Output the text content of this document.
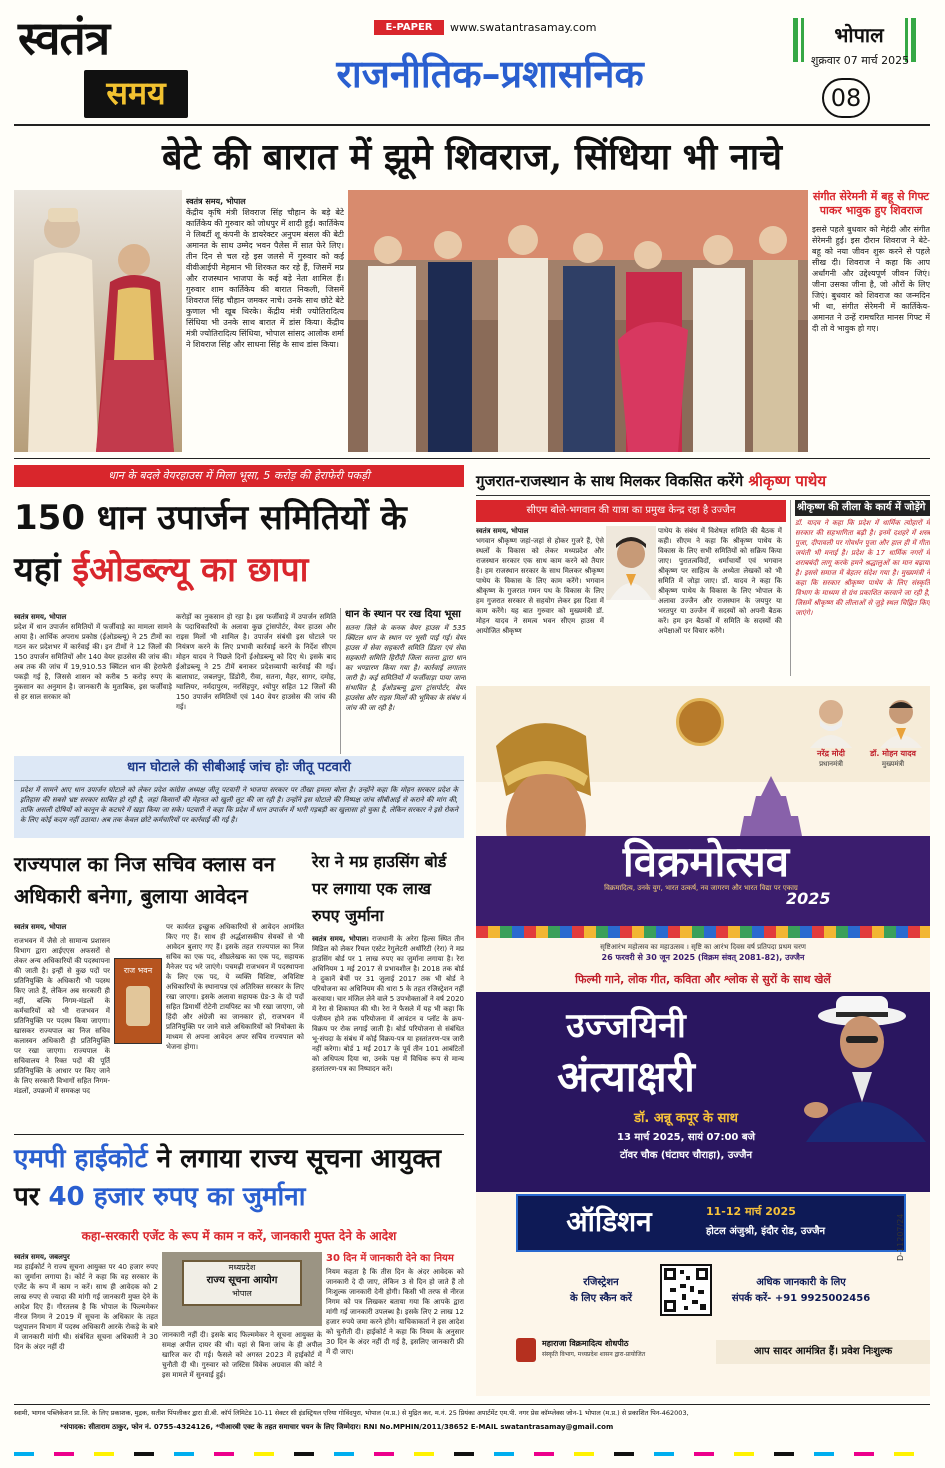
स्वतंत्र
समय
E-PAPER	www.swatantrasamay.com
राजनीतिक–प्रशासनिक
भोपाल
शुक्रवार 07 मार्च 2025
08
बेटे की बारात में झूमे शिवराज, सिंधिया भी नाचे
स्वतंत्र समय, भोपाल
केंद्रीय कृषि मंत्री शिवराज सिंह चौहान के बड़े बेटे कार्तिकेय की गुरुवार को जोधपुर में शादी हुई। कार्तिकेय ने लिबर्टी शू कंपनी के डायरेक्टर अनुपम बंसल की बेटी अमानत के साथ उम्मेद भवन पैलेस में सात फेरे लिए। तीन दिन से चल रहे इस जलसे में गुरुवार को कई वीवीआईपी मेहमान भी शिरकत कर रहे हैं, जिसमें मप्र और राजस्थान भाजपा के कई बड़े नेता शामिल हैं। गुरुवार शाम कार्तिकेय की बारात निकली, जिसमें शिवराज सिंह चौहान जमकर नाचे। उनके साथ छोटे बेटे कुणाल भी खूब थिरके। केंद्रीय मंत्री ज्योतिरादित्य सिंधिया भी उनके साथ बारात में डांस किया। केंद्रीय मंत्री ज्योतिरादित्य सिंधिया, भोपाल सांसद आलोक शर्मा ने शिवराज सिंह और साधना सिंह के साथ डांस किया।
संगीत सेरेमनी में बहू से गिफ्ट पाकर भावुक हुए शिवराज
इससे पहले बुधवार को मेहंदी और संगीत सेरेमनी हुई। इस दौरान शिवराज ने बेटे-बहू को नया जीवन शुरू करने से पहले सीख दी। शिवराज ने कहा कि आप अर्धांगनी और उद्देश्यपूर्ण जीवन जिएं। जीना उसका जीना है, जो औरों के लिए जिएं। बुधवार को शिवराज का जन्मदिन भी था, संगीत सेरेमनी में कार्तिकेय-अमानत ने उन्हें रामचरित मानस गिफ्ट में दी तो वे भावुक हो गए।
धान के बदले वेयरहाउस में मिला भूसा, 5 करोड़ की हेराफेरी पकड़ी
150 धान उपार्जन समितियों के यहां ईओडब्ल्यू का छापा
स्वतंत्र समय, भोपाल
प्रदेश में धान उपार्जन समितियों में फर्जीवाड़े का मामला सामने आया है। आर्थिक अपराध प्रकोष्ठ (ईओडब्ल्यू) ने 25 टीमों का गठन कर प्रदेशभर में कार्रवाई की। इन टीमों ने 12 जिलों की 150 उपार्जन समितियों और 140 वेयर हाउसेस की जांच की। अब तक की जांच में 19,910.53 क्विंटल धान की हेराफेरी पकड़ी गई है, जिससे शासन को करीब 5 करोड़ रुपए के नुकसान का अनुमान है। जानकारी के मुताबिक, इस फर्जीवाड़े से हर साल सरकार को
करोड़ों का नुकसान हो रहा है। इस फर्जीवाड़े में उपार्जन समिति के पदाधिकारियों के अलावा कुछ ट्रांसपोर्टर, वेयर हाउस और राइस मिलों भी शामिल है। उपार्जन संबंधी इस घोटाले पर नियंत्रण करने के लिए प्रभावी कार्रवाई करने के निर्देश सीएम मोहन यादव ने पिछले दिनों ईओडब्ल्यू को दिए थे। इसके बाद ईओडब्ल्यू ने 25 टीमें बनाकर प्रदेशव्यापी कार्रवाई की गई। बालाघाट, जबलपुर, डिंडोरी, रीवा, सतना, मैहर, सागर, दमोह, ग्वालियर, नर्मदापुरम, नरसिंहपुर, श्योपुर सहित 12 जिलों की 150 उपार्जन समितियों एवं 140 वेयर हाउसेस की जांच की गई।
धान के स्थान पर रख दिया भूसा
सतना जिले के कनक वेयर हाउस में 535 क्विंटल धान के स्थान पर भूसी पाई गई। वेयर हाउस में सेवा सहकारी समिति डिंडरा एवं सेवा सहकारी समिति हिरौंदी जिला सतना द्वारा धान का भण्डारण किया गया है। कार्रवाई लगातार जारी है। कई समितियों में फर्जीवाड़ा पाया जाना संभावित है, ईओडब्ल्यू द्वारा ट्रांसपोर्टर, वेयर हाउसेस और राइस मिलों की भूमिका के संबंध में जांच की जा रही है।
धान घोटाले की सीबीआई जांच होः जीतू पटवारी
प्रदेश में सामने आए धान उपार्जन घोटाले को लेकर प्रदेश कांग्रेस अध्यक्ष जीतू पटवारी ने भाजपा सरकार पर तीखा हमला बोला है। उन्होंने कहा कि मोहन सरकार प्रदेश के इतिहास की सबसे भ्रष्ट सरकार साबित हो रही है, जहां किसानों की मेहनत को खुली लूट की जा रही है। उन्होंने इस घोटाले की निष्पक्ष जांच सीबीआई से कराने की मांग की, ताकि असली दोषियों को कानून के कटघरे में खड़ा किया जा सके। पटवारी ने कहा कि प्रदेश में धान उपार्जन में भारी गड़बड़ी का खुलासा हो चुका है, लेकिन सरकार ने इसे रोकने के लिए कोई कदम नहीं उठाया। अब तक केवल छोटे कर्मचारियों पर कार्रवाई की गई है।
राज्यपाल का निज सचिव क्लास वन अधिकारी बनेगा, बुलाया आवेदन
स्वतंत्र समय, भोपाल
राज भवन
राजभवन में जैसे तो सामान्य प्रशासन विभाग द्वारा आईएएस अफसरों से लेकर अन्य अधिकारियों की पदस्थापना की जाती है। इन्हीं से कुछ पदों पर प्रतिनियुक्ति के अधिकारी भी पदस्थ किए जाते हैं, लेकिन अब सरकारी ही नहीं, बल्कि निगम-मंडलों के कर्मचारियों को भी राजभवन में प्रतिनियुक्ति पर पदस्थ किया जाएगा। खासकर राज्यपाल का निज सचिव कलास्वन अधिकारी ही प्रतिनियुक्ति पर रखा जाएगा। राज्यपाल के सचिवालय ने रिक्त पदों की पूर्ति प्रतिनियुक्ति के आधार पर किए जाने के लिए सरकारी विभागों सहित निगम-मंडलों, उपक्रमों में समकक्ष पद
पर कार्यरत इच्छुक अधिकारियों से आवेदन आमंत्रित किए गए हैं। साथ ही अर्द्धशासकीय सेवकों से भी आवेदन बुलाए गए हैं। इसके तहत राज्यपाल का निज सचिव का एक पद, शीघ्रलेखक का एक पद, सहायक मैनेजर पद भरे जाएंगे। पचमढ़ी राजभवन में पदस्थापना के लिए एक पद, ये व्यक्ति विशिष्ट, अविशिष्ट अधिकारियों के स्थानापन्न एवं अतिरिक्त सरकार के लिए रखा जाएगा। इसके अलावा सहायक ग्रेड-3 के दो पदों सहित डिमार्थी रोटेनी टायपिस्ट का भी रखा जाएगा, जो हिंदी और अंग्रेजी का जानकार हो, राजभवन में प्रतिनियुक्ति पर जाने वाले अधिकारियों को नियोक्ता के माध्यम से अपना आवेदन अपर सचिव राज्यपाल को भेजना होगा।
रेरा ने मप्र हाउसिंग बोर्ड पर लगाया एक लाख रुपए जुर्माना
स्वतंत्र समय, भोपाल। राजधानी के अरेरा हिल्स स्थित तीन मिडिल को लेकर रियल एस्टेट रेगुलेटरी अथॉरिटी (रेरा) ने मप्र हाउसिंग बोर्ड पर 1 लाख रुपए का जुर्माना लगाया है। रेरा अधिनियम 1 मई 2017 से प्रभावशील है। 2018 तक बोर्ड ने दुकानें बेचीं पर 31 जुलाई 2017 तक भी बोर्ड ने परियोजना का अधिनियम की धारा 5 के तहत रजिस्ट्रेशन नहीं करवाया। चार मंजिल लेने वाले 5 उपभोक्ताओं ने वर्ष 2020 में रेरा से शिकायत की थी। रेरा ने फैसले में यह भी कहा कि पंजीयन होने तक परियोजना में आवंटन व प्लॉट के क्रय-विक्रय पर रोक लगाई जाती है। बोर्ड परियोजना से संबंधित भू-संपदा के संबंध में कोई विक्रय-पत्र या हस्तांतरण-पत्र जारी नहीं करेगा। बोर्ड 1 मई 2017 के पूर्व तीन 101 आबंटितों को अधिपत्य दिया था, उनके पक्ष में विधिक रूप से मान्य हस्तांतरण-पत्र का निष्पादन करें।
एमपी हाईकोर्ट ने लगाया राज्य सूचना आयुक्त पर 40 हजार रुपए का जुर्माना
कहा-सरकारी एजेंट के रूप में काम न करें, जानकारी मुफ्त देने के आदेश
स्वतंत्र समय, जबलपुर
मप्र हाईकोर्ट ने राज्य सूचना आयुक्त पर 40 हजार रुपए का जुर्माना लगाया है। कोर्ट ने कहा कि वह सरकार के एजेंट के रूप में काम न करें। साथ ही आवेदक को 2 लाख रुपए से ज्यादा की मांगी गई जानकारी मुफ्त देने के आदेश दिए हैं। गौरतलब है कि भोपाल के फिल्ममेकर नीरज निगम ने 2019 में सूचना के अधिकार के तहत पशुपालन विभाग में पदस्थ अधिकारी आरके रोकड़े के बारे में जानकारी मांगी थी। संबंधित सूचना अधिकारी ने 30 दिन के अंदर नहीं दी
मध्यप्रदेश
राज्य सूचना आयोग
भोपाल
जानकारी नहीं दी। इसके बाद फिल्ममेकर ने सूचना आयुक्त के समक्ष अपील दायर की थी। यहां से बिना जांच के ही अपील खारिज कर दी गई। फैसले को अगस्त 2023 में हाईकोर्ट में चुनौती दी थी। गुरुवार को जस्टिस विवेक अग्रवाल की कोर्ट ने इस मामले में सुनवाई हुई।
30 दिन में जानकारी देने का नियम
नियम कहता है कि तीस दिन के अंदर आवेदक को जानकारी दे दी जाए, लेकिन 3 से दिन हो जाते हैं तो निःशुल्क जानकारी देनी होगी। किसी भी तरफ से नीरज निगम को पत्र लिखकर बताया गया कि आपके द्वारा मांगी गई जानकारी उपलब्ध है। इसके लिए 2 लाख 12 हजार रुपये जमा करने होंगे। याचिकाकर्ता ने इस आदेश को चुनौती दी। हाईकोर्ट ने कहा कि नियम के अनुसार 30 दिन के अंदर नहीं दी गई है, इसलिए जानकारी फ्री में दी जाए।
गुजरात-राजस्थान के साथ मिलकर विकसित करेंगे श्रीकृष्ण पाथेय
सीएम बोले-भगवान की यात्रा का प्रमुख केन्द्र रहा है उज्जैन
स्वतंत्र समय, भोपाल
भगवान श्रीकृष्ण जहां-जहां से होकर गुजरे हैं, ऐसे स्थलों के विकास को लेकर मध्यप्रदेश और राजस्थान सरकार एक साथ काम करने को तैयार है। हम राजस्थान सरकार के साथ मिलकर श्रीकृष्ण पाथेय के विकास के लिए काम करेंगे। भगवान श्रीकृष्ण के गुजरात गमन पथ के विकास के लिए हम गुजरात सरकार से सहयोग लेकर इस दिशा में काम करेंगे। यह बात गुरुवार को मुख्यमंत्री डॉ. मोहन यादव ने समत्व भवन सीएम हाउस में आयोजित श्रीकृष्ण
पाथेय के संबंध में विशेषज्ञ समिति की बैठक में कही। सीएम ने कहा कि श्रीकृष्ण पाथेय के विकास के लिए सभी समितियों को सक्रिय किया जाए। पुरातत्वविदों, धर्माचार्यों एवं भगवान श्रीकृष्ण पर साहित्य के अध्येता लेखकों को भी समिति में जोड़ा जाए। डॉ. यादव ने कहा कि श्रीकृष्ण पाथेय के विकास के लिए भोपाल के अलावा उज्जैन और राजस्थान के जयपुर या भरतपुर या उज्जैन में सदस्यों को अपनी बैठक करें। हम इन बैठकों में समिति के सदस्यों की अपेक्षाओं पर विचार करेंगे।
श्रीकृष्ण की लीला के कार्य में जोड़ेंगे
डॉ. यादव ने कहा कि प्रदेश में धार्मिक त्योहारों में सरकार की सहभागिता बढ़ी है। इनमें दशहरे में शस्त्र पूजा, दीपावली पर गोवर्धन पूजा और हाल ही में गीता जयंती भी मनाई है। प्रदेश के 17 धार्मिक नगरों में शराबबंदी लागू करके हमने श्रद्धालुओं का मान बढ़ाया है। इससे समाज में बेहतर संदेश गया है। मुख्यमंत्री ने कहा कि सरकार श्रीकृष्ण पाथेय के लिए संस्कृति विभाग के माध्यम से ग्रंथ प्रकाशित करवाने जा रही है, जिसमें श्रीकृष्ण की लीलाओं से जुड़े स्थल चिह्नित किए जाएंगे।
नरेंद्र मोदी
प्रधानमंत्री
डॉ. मोहन यादव
मुख्यमंत्री
विक्रमोत्सव
2025
विक्रमादित्य, उनके युग, भारत उत्कर्ष, नव जागरण और भारत विद्या पर एकाग्र
सृष्टिआरंभ महोत्सव का महाउत्सव । सृष्टि का आरंभ दिवस वर्ष प्रतिपदा प्रथम चरण
26 फरवरी से 30 जून 2025 (विक्रम संवत् 2081-82), उज्जैन
फिल्मी गाने, लोक गीत, कविता और श्लोक से सुरों के साथ खेलें
उज्जयिनी
अंत्याक्षरी
डॉ. अन्नू कपूर के साथ
13 मार्च 2025, सायं 07:00 बजे
टॉवर चौक (घंटाघर चौराहा), उज्जैन
ऑडिशन	11-12 मार्च 2025
होटल अंजुश्री, इंदौर रोड, उज्जैन	D-11207/24
रजिस्ट्रेशन
के लिए स्कैन करें
अधिक जानकारी के लिए
संपर्क करें- +91 9925002456
महाराजा विक्रमादित्य शोधपीठ
संस्कृति विभाग, मध्यप्रदेश शासन द्वारा-प्रायोजित	आप सादर आमंत्रित हैं। प्रवेश निःशुल्क
स्वामी, भागव पब्लिकेशन प्रा.लि. के लिए प्रकाशक, मुद्रक, सतीश पिंपलीकर द्वारा डी.बी. कॉर्प लिमिटेड 10-11 सेक्टर सी इंडस्ट्रियल एरिया गोविंदपुरा, भोपाल (म.प्र.) से मुद्रित कर, म.नं. 25 प्रियंका अपार्टमेंट एम.पी. नगर प्रेस कॉम्प्लेक्स जोन-1 भोपाल (म.प्र.) से प्रकाशित पिन-462003,
*संपादक: सीताराम ठाकुर, फोन नं. 0755-4324126, *पीआरबी एक्ट के तहत समाचार चयन के लिए जिम्मेदार। RNI No.MPHIN/2011/38652 E-MAIL swatantrasamay@gmail.com
